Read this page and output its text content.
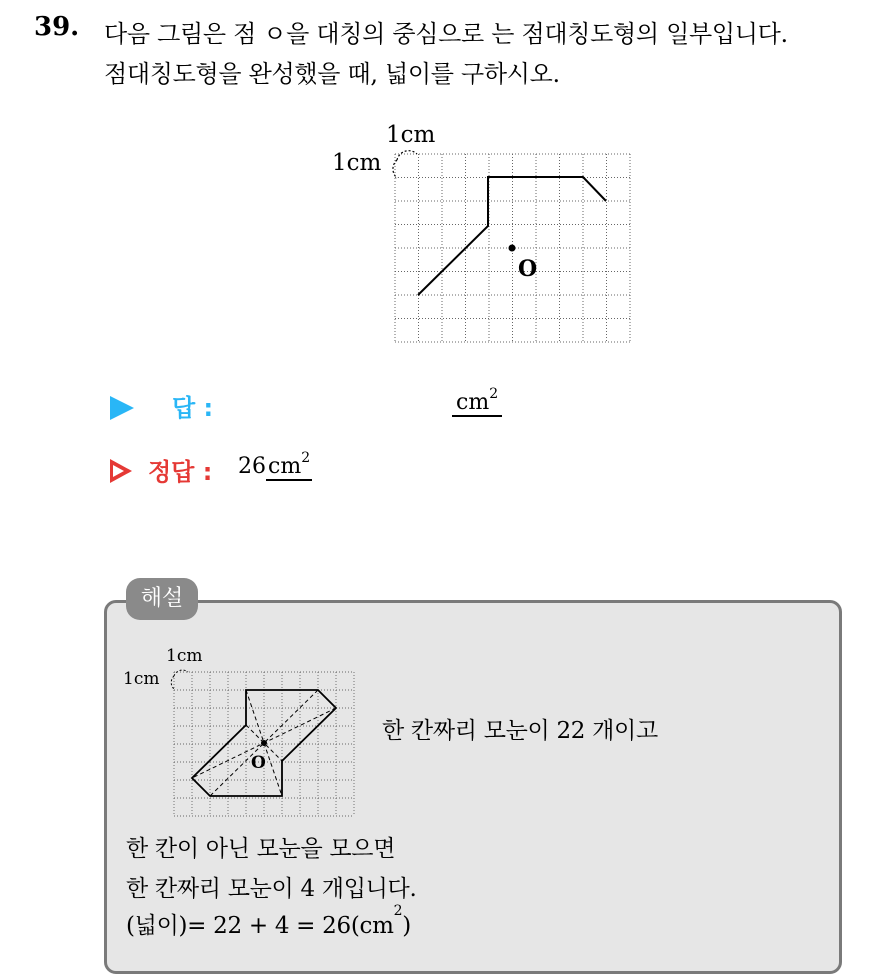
39. 다음 그림은 점 ㅇ을 대칭의 중심으로 는 점대칭도형의 일부입니다.
점대칭도형을 완성했을 때, 넓이를 구하시오.
1cm
1cm
O
답 :	$cm^2$
정답 : $26cm^2$
해설
1cm
1cm
O
한 칸짜리 모눈이 22 개이고
한 칸이 아닌 모눈을 모으면
한 칸짜리 모눈이 4 개입니다.
(넓이)= $22 + 4 = 26(cm^2)$
